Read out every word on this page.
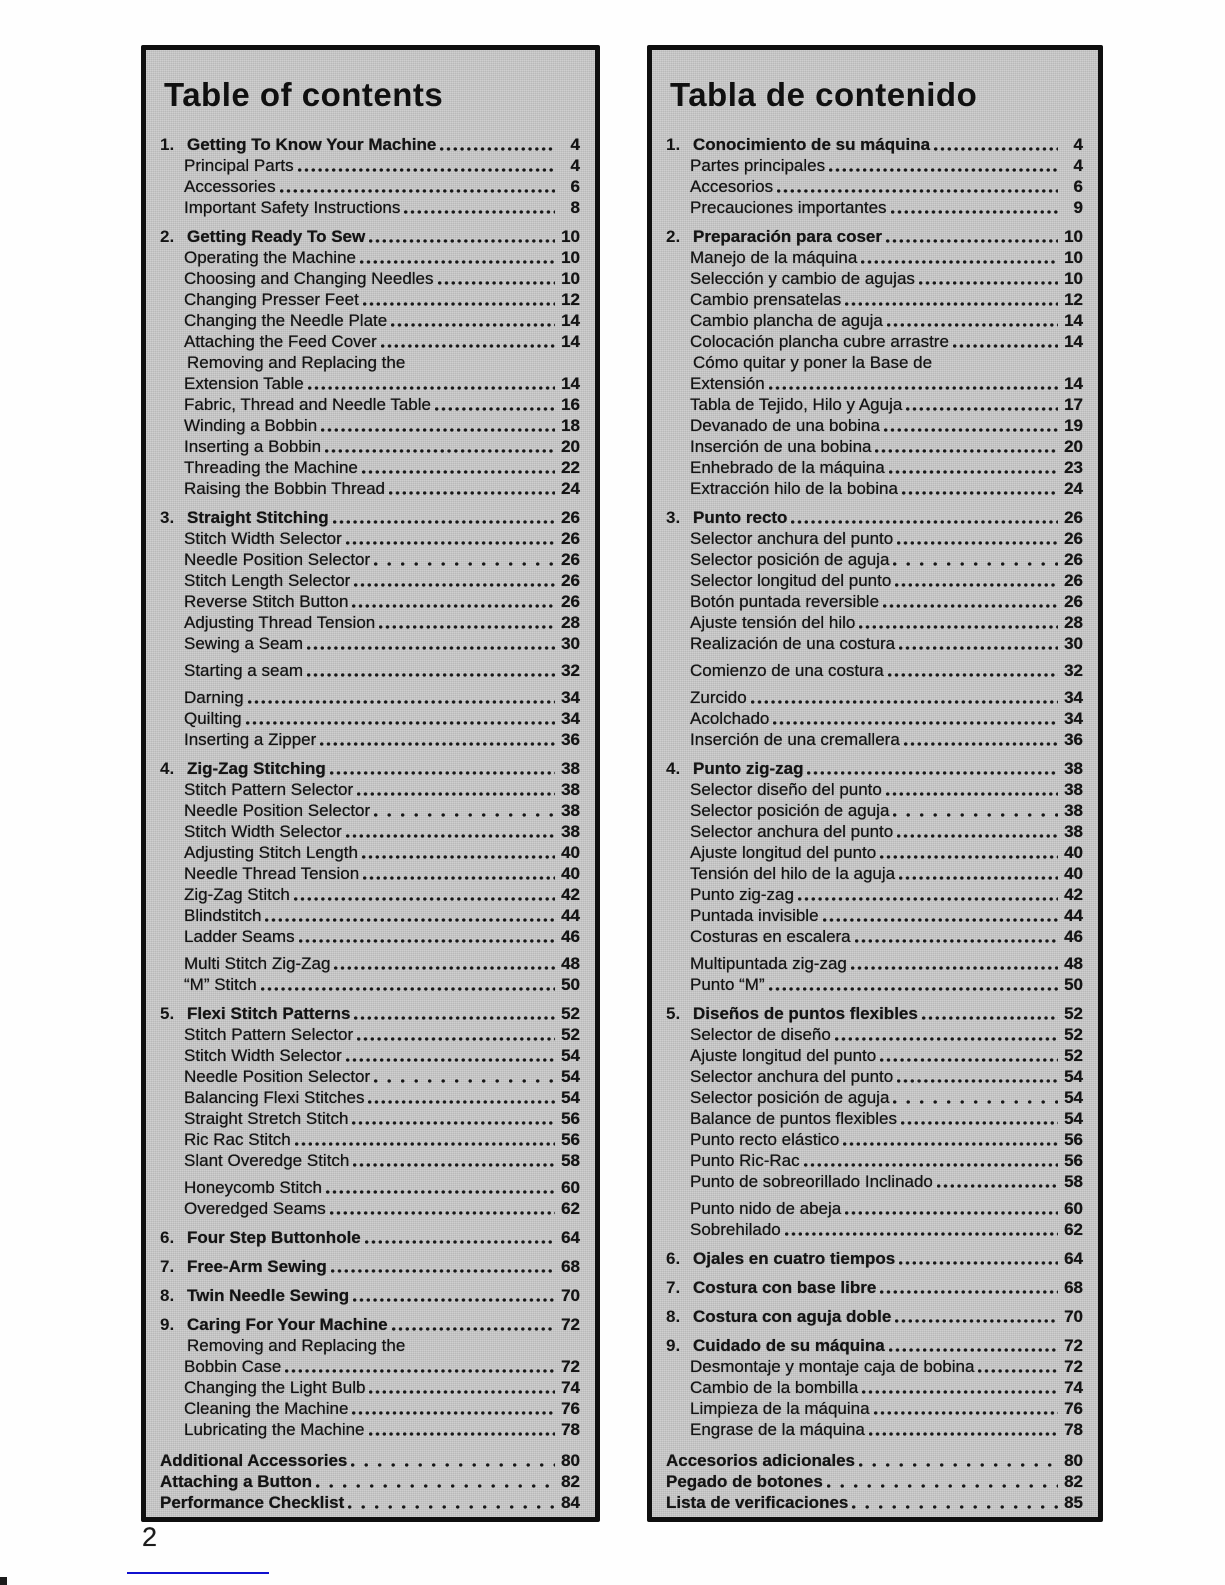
Table of contents
1. Getting To Know Your Machine	4
Principal Parts	4
Accessories	6
Important Safety Instructions	8
2. Getting Ready To Sew	10
Operating the Machine	10
Choosing and Changing Needles	10
Changing Presser Feet	12
Changing the Needle Plate	14
Attaching the Feed Cover	14
Removing and Replacing the
Extension Table	14
Fabric, Thread and Needle Table	16
Winding a Bobbin	18
Inserting a Bobbin	20
Threading the Machine	22
Raising the Bobbin Thread	24
3. Straight Stitching	26
Stitch Width Selector	26
Needle Position Selector	26
Stitch Length Selector	26
Reverse Stitch Button	26
Adjusting Thread Tension	28
Sewing a Seam	30
Starting a seam	32
Darning	34
Quilting	34
Inserting a Zipper	36
4. Zig-Zag Stitching	38
Stitch Pattern Selector	38
Needle Position Selector	38
Stitch Width Selector	38
Adjusting Stitch Length	40
Needle Thread Tension	40
Zig-Zag Stitch	42
Blindstitch	44
Ladder Seams	46
Multi Stitch Zig-Zag	48
“M” Stitch	50
5. Flexi Stitch Patterns	52
Stitch Pattern Selector	52
Stitch Width Selector	54
Needle Position Selector	54
Balancing Flexi Stitches	54
Straight Stretch Stitch	56
Ric Rac Stitch	56
Slant Overedge Stitch	58
Honeycomb Stitch	60
Overedged Seams	62
6. Four Step Buttonhole	64
7. Free-Arm Sewing	68
8. Twin Needle Sewing	70
9. Caring For Your Machine	72
Removing and Replacing the
Bobbin Case	72
Changing the Light Bulb	74
Cleaning the Machine	76
Lubricating the Machine	78
Additional Accessories	80
Attaching a Button	82
Performance Checklist	84
Tabla de contenido
1. Conocimiento de su máquina	4
Partes principales	4
Accesorios	6
Precauciones importantes	9
2. Preparación para coser	10
Manejo de la máquina	10
Selección y cambio de agujas	10
Cambio prensatelas	12
Cambio plancha de aguja	14
Colocación plancha cubre arrastre	14
Cómo quitar y poner la Base de
Extensión	14
Tabla de Tejido, Hilo y Aguja	17
Devanado de una bobina	19
Inserción de una bobina	20
Enhebrado de la máquina	23
Extracción hilo de la bobina	24
3. Punto recto	26
Selector anchura del punto	26
Selector posición de aguja	26
Selector longitud del punto	26
Botón puntada reversible	26
Ajuste tensión del hilo	28
Realización de una costura	30
Comienzo de una costura	32
Zurcido	34
Acolchado	34
Inserción de una cremallera	36
4. Punto zig-zag	38
Selector diseño del punto	38
Selector posición de aguja	38
Selector anchura del punto	38
Ajuste longitud del punto	40
Tensión del hilo de la aguja	40
Punto zig-zag	42
Puntada invisible	44
Costuras en escalera	46
Multipuntada zig-zag	48
Punto “M”	50
5. Diseños de puntos flexibles	52
Selector de diseño	52
Ajuste longitud del punto	52
Selector anchura del punto	54
Selector posición de aguja	54
Balance de puntos flexibles	54
Punto recto elástico	56
Punto Ric-Rac	56
Punto de sobreorillado Inclinado	58
Punto nido de abeja	60
Sobrehilado	62
6. Ojales en cuatro tiempos	64
7. Costura con base libre	68
8. Costura con aguja doble	70
9. Cuidado de su máquina	72
Desmontaje y montaje caja de bobina	72
Cambio de la bombilla	74
Limpieza de la máquina	76
Engrase de la máquina	78
Accesorios adicionales	80
Pegado de botones	82
Lista de verificaciones	85
2
